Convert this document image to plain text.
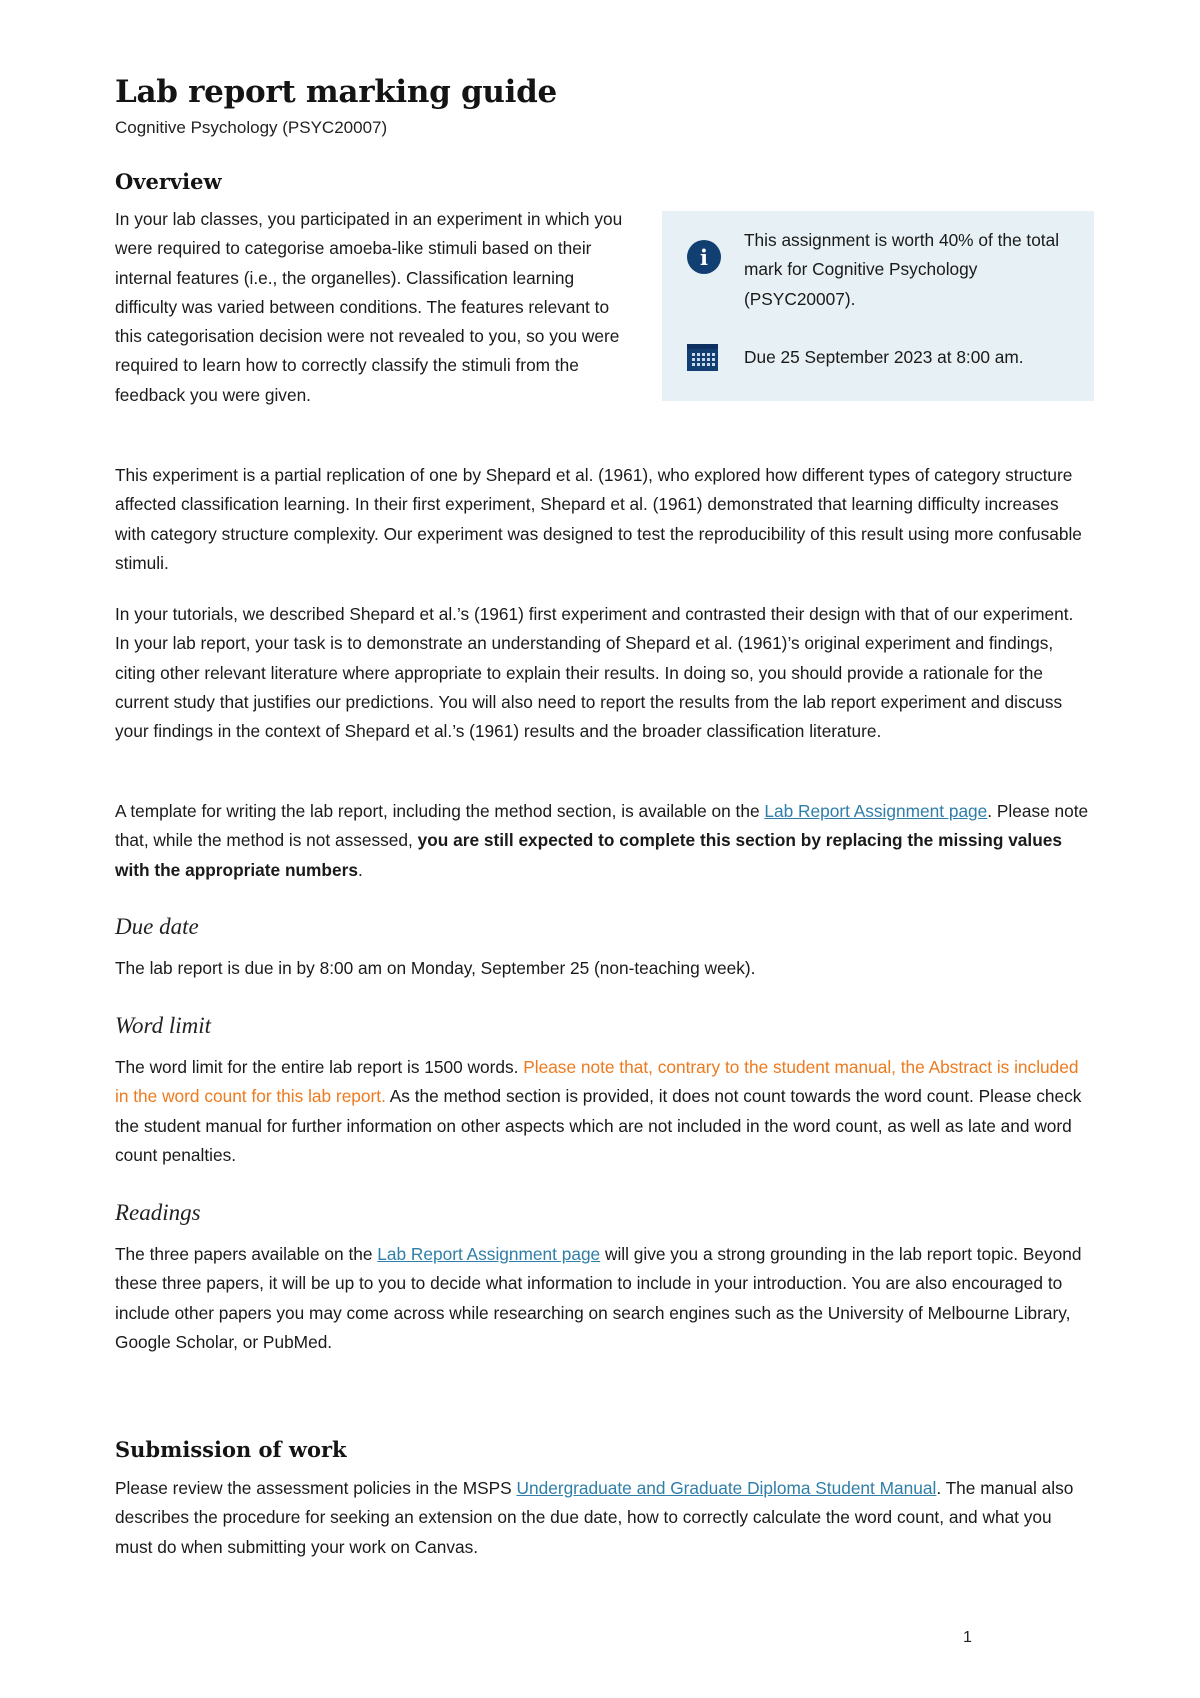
Lab report marking guide
Cognitive Psychology (PSYC20007)
Overview

In your lab classes, you participated in an experiment in which you were required to categorise amoeba-like stimuli based on their internal features (i.e., the organelles). Classification learning difficulty was varied between conditions. The features relevant to this categorisation decision were not revealed to you, so you were required to learn how to correctly classify the stimuli from the feedback you were given.

i

This assignment is worth 40% of the total mark for Cognitive Psychology (PSYC20007).

Due 25 September 2023 at 8:00 am.

This experiment is a partial replication of one by Shepard et al. (1961), who explored how different types of category structure affected classification learning. In their first experiment, Shepard et al. (1961) demonstrated that learning difficulty increases with category structure complexity. Our experiment was designed to test the reproducibility of this result using more confusable stimuli.

In your tutorials, we described Shepard et al.’s (1961) first experiment and contrasted their design with that of our experiment. In your lab report, your task is to demonstrate an understanding of Shepard et al. (1961)’s original experiment and findings, citing other relevant literature where appropriate to explain their results. In doing so, you should provide a rationale for the current study that justifies our predictions. You will also need to report the results from the lab report experiment and discuss your findings in the context of Shepard et al.’s (1961) results and the broader classification literature.

A template for writing the lab report, including the method section, is available on the Lab Report Assignment page. Please note that, while the method is not assessed, you are still expected to complete this section by replacing the missing values with the appropriate numbers.

Due date

The lab report is due in by 8:00 am on Monday, September 25 (non-teaching week).

Word limit

The word limit for the entire lab report is 1500 words. Please note that, contrary to the student manual, the Abstract is included in the word count for this lab report. As the method section is provided, it does not count towards the word count. Please check the student manual for further information on other aspects which are not included in the word count, as well as late and word count penalties.

Readings

The three papers available on the Lab Report Assignment page will give you a strong grounding in the lab report topic. Beyond these three papers, it will be up to you to decide what information to include in your introduction. You are also encouraged to include other papers you may come across while researching on search engines such as the University of Melbourne Library, Google Scholar, or PubMed.

Submission of work

Please review the assessment policies in the MSPS Undergraduate and Graduate Diploma Student Manual. The manual also describes the procedure for seeking an extension on the due date, how to correctly calculate the word count, and what you must do when submitting your work on Canvas.

1
